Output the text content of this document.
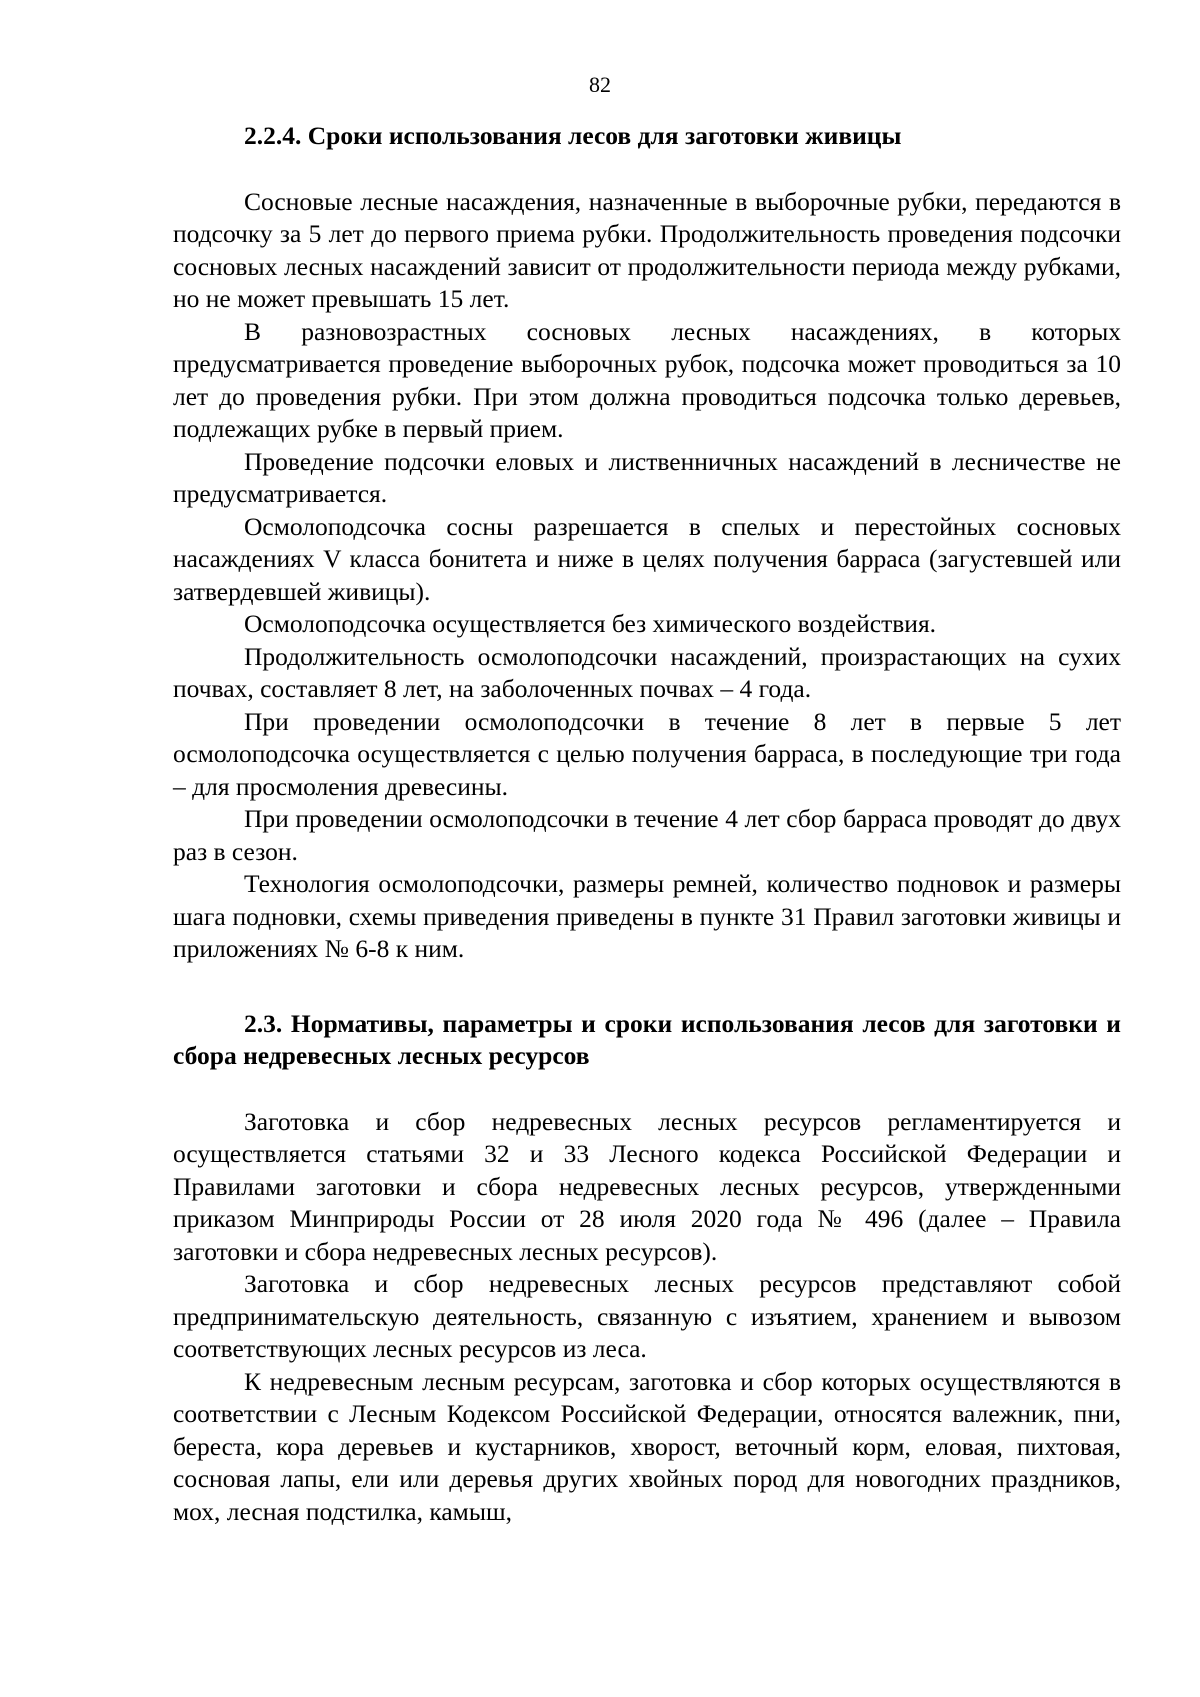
82

2.2.4. Сроки использования лесов для заготовки живицы

Сосновые лесные насаждения, назначенные в выборочные рубки, передаются в подсочку за 5 лет до первого приема рубки. Продолжительность проведения подсочки сосновых лесных насаждений зависит от продолжительности периода между рубками, но не может превышать 15 лет.

В разновозрастных сосновых лесных насаждениях, в которых предусматривается проведение выборочных рубок, подсочка может проводиться за 10 лет до проведения рубки. При этом должна проводиться подсочка только деревьев, подлежащих рубке в первый прием.

Проведение подсочки еловых и лиственничных насаждений в лесничестве не предусматривается.

Осмолоподсочка сосны разрешается в спелых и перестойных сосновых насаждениях V класса бонитета и ниже в целях получения барраса (загустевшей или затвердевшей живицы).

Осмолоподсочка осуществляется без химического воздействия.

Продолжительность осмолоподсочки насаждений, произрастающих на сухих почвах, составляет 8 лет, на заболоченных почвах – 4 года.

При проведении осмолоподсочки в течение 8 лет в первые 5 лет осмолоподсочка осуществляется с целью получения барраса, в последующие три года – для просмоления древесины.

При проведении осмолоподсочки в течение 4 лет сбор барраса проводят до двух раз в сезон.

Технология осмолоподсочки, размеры ремней, количество подновок и размеры шага подновки, схемы приведения приведены в пункте 31 Правил заготовки живицы и приложениях № 6-8 к ним.

2.3. Нормативы, параметры и сроки использования лесов для заготовки и сбора недревесных лесных ресурсов

Заготовка и сбор недревесных лесных ресурсов регламентируется и осуществляется статьями 32 и 33 Лесного кодекса Российской Федерации и Правилами заготовки и сбора недревесных лесных ресурсов, утвержденными приказом Минприроды России от 28 июля 2020 года № 496 (далее – Правила заготовки и сбора недревесных лесных ресурсов).

Заготовка и сбор недревесных лесных ресурсов представляют собой предпринимательскую деятельность, связанную с изъятием, хранением и вывозом соответствующих лесных ресурсов из леса.

К недревесным лесным ресурсам, заготовка и сбор которых осуществляются в соответствии с Лесным Кодексом Российской Федерации, относятся валежник, пни, береста, кора деревьев и кустарников, хворост, веточный корм, еловая, пихтовая, сосновая лапы, ели или деревья других хвойных пород для новогодних праздников, мох, лесная подстилка, камыш,
